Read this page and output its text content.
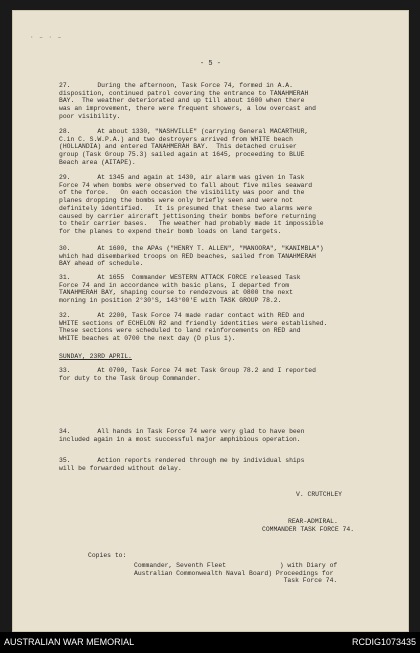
· – · –
- 5 -
27.       During the afternoon, Task Force 74, formed in A.A.
disposition, continued patrol covering the entrance to TANAHMERAH
BAY.  The weather deteriorated and up till about 1600 when there
was an improvement, there were frequent showers, a low overcast and
poor visibility.
28.       At about 1330, "NASHVILLE" (carrying General MACARTHUR,
C.in C. S.W.P.A.) and two destroyers arrived from WHITE beach
(HOLLANDIA) and entered TANAHMERAH BAY.  This detached cruiser
group (Task Group 75.3) sailed again at 1645, proceeding to BLUE
Beach area (AITAPE).
29.       At 1345 and again at 1430, air alarm was given in Task
Force 74 when bombs were observed to fall about five miles seaward
of the force.   On each occasion the visibility was poor and the
planes dropping the bombs were only briefly seen and were not
definitely identified.   It is presumed that these two alarms were
caused by carrier aircraft jettisoning their bombs before returning
to their carrier bases.   The weather had probably made it impossible
for the planes to expend their bomb loads on land targets.
30.       At 1600, the APAs ("HENRY T. ALLEN", "MANOORA", "KANIMBLA")
which had disembarked troops on RED beaches, sailed from TANAHMERAH
BAY ahead of schedule.
31.       At 1655  Commander WESTERN ATTACK FORCE released Task
Force 74 and in accordance with basic plans, I departed from
TANAHMERAH BAY, shaping course to rendezvous at 0800 the next
morning in position 2°30'S, 143°00'E with TASK GROUP 78.2.
32.       At 2200, Task Force 74 made radar contact with RED and
WHITE sections of ECHELON R2 and friendly identities were established.
These sections were scheduled to land reinforcements on RED and
WHITE beaches at 0700 the next day (D plus 1).
SUNDAY, 23RD APRIL.
33.       At 0700, Task Force 74 met Task Group 78.2 and I reported
for duty to the Task Group Commander.
34.       All hands in Task Force 74 were very glad to have been
included again in a most successful major amphibious operation.
35.       Action reports rendered through me by individual ships
will be forwarded without delay.
V. CRUTCHLEY
REAR-ADMIRAL.
COMMANDER TASK FORCE 74.
Copies to:
Commander, Seventh Fleet              ) with Diary of
Australian Commonwealth Naval Board) Proceedings for
Task Force 74.
AUSTRALIAN WAR MEMORIAL	RCDIG1073435
